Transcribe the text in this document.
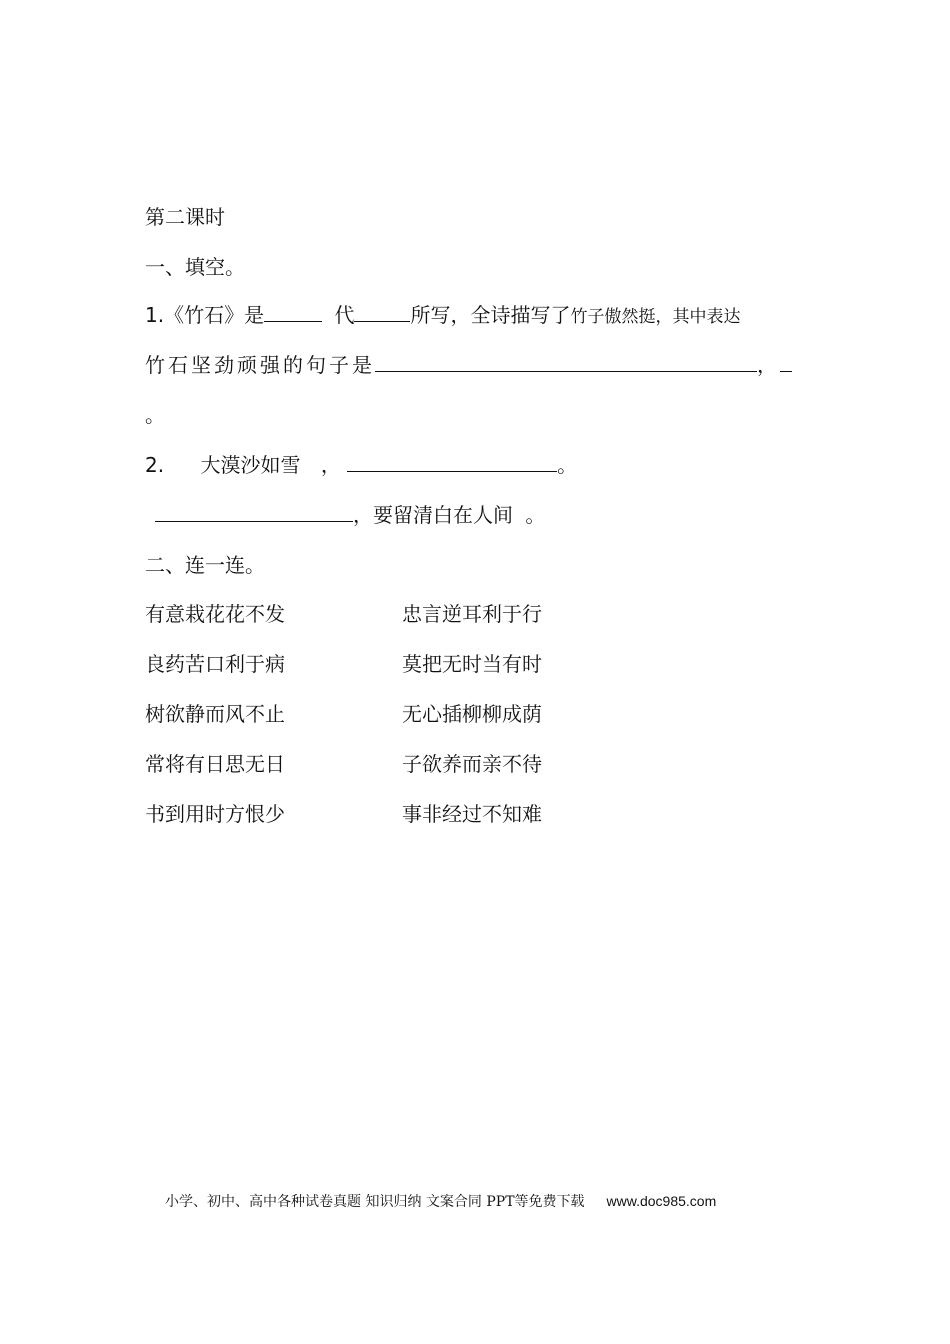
第二课时
一、填空。
1.《竹石》是	代	所写，全诗描写了竹子傲然挺，其中表达
竹石坚劲顽强的句子是	，
。
2. 大漠沙如雪 ，	。
，要留清白在人间 。
二、连一连。
有意栽花花不发	忠言逆耳利于行
良药苦口利于病	莫把无时当有时
树欲静而风不止	无心插柳柳成荫
常将有日思无日	子欲养而亲不待
书到用时方恨少	事非经过不知难
小学、初中、高中各种试卷真题 知识归纳 文案合同 PPT等免费下载 www.doc985.com
